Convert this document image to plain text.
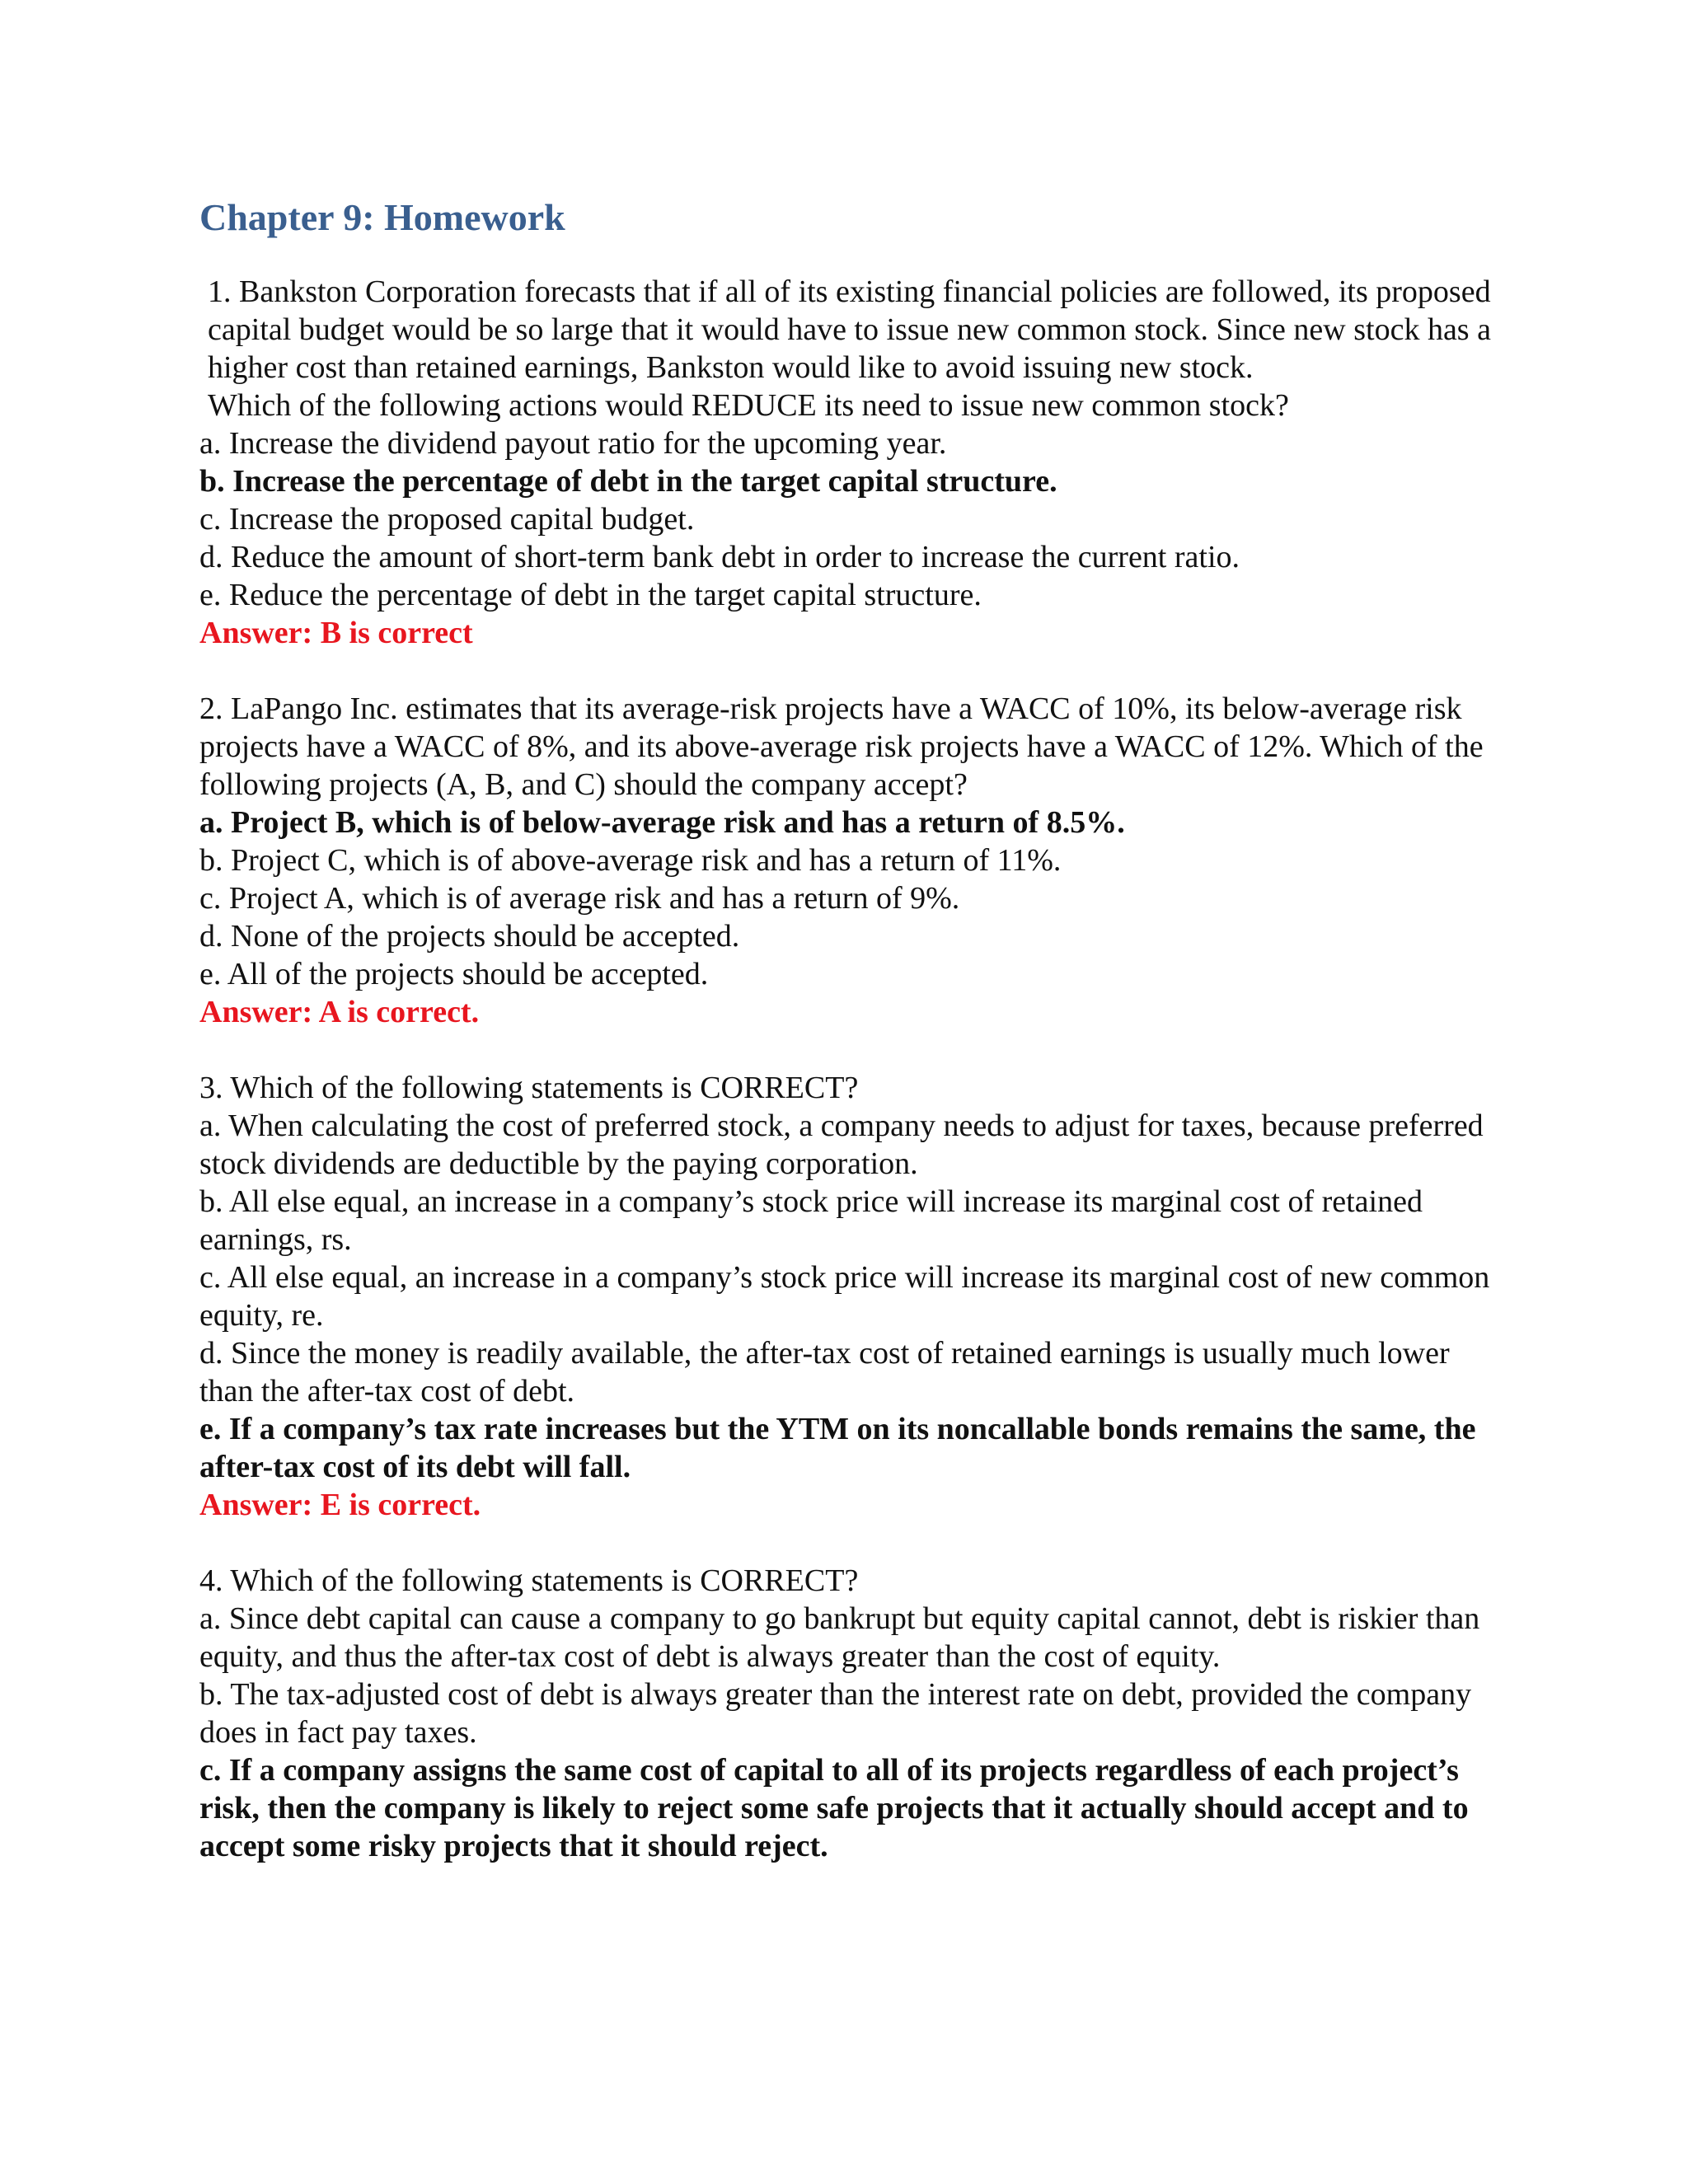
Chapter 9: Homework

1. Bankston Corporation forecasts that if all of its existing financial policies are followed, its proposed capital budget would be so large that it would have to issue new common stock. Since new stock has a higher cost than retained earnings, Bankston would like to avoid issuing new stock.

Which of the following actions would REDUCE its need to issue new common stock?

a. Increase the dividend payout ratio for the upcoming year.

b. Increase the percentage of debt in the target capital structure.

c. Increase the proposed capital budget.

d. Reduce the amount of short-term bank debt in order to increase the current ratio.

e. Reduce the percentage of debt in the target capital structure.

Answer: B is correct

2. LaPango Inc. estimates that its average-risk projects have a WACC of 10%, its below-average risk projects have a WACC of 8%, and its above-average risk projects have a WACC of 12%. Which of the following projects (A, B, and C) should the company accept?

a. Project B, which is of below-average risk and has a return of 8.5%.

b. Project C, which is of above-average risk and has a return of 11%.

c. Project A, which is of average risk and has a return of 9%.

d. None of the projects should be accepted.

e. All of the projects should be accepted.

Answer: A is correct.

3. Which of the following statements is CORRECT?

a. When calculating the cost of preferred stock, a company needs to adjust for taxes, because preferred stock dividends are deductible by the paying corporation.

b. All else equal, an increase in a company’s stock price will increase its marginal cost of retained earnings, rs.

c. All else equal, an increase in a company’s stock price will increase its marginal cost of new common equity, re.

d. Since the money is readily available, the after-tax cost of retained earnings is usually much lower than the after-tax cost of debt.

e. If a company’s tax rate increases but the YTM on its noncallable bonds remains the same, the after-tax cost of its debt will fall.

Answer: E is correct.

4. Which of the following statements is CORRECT?

a. Since debt capital can cause a company to go bankrupt but equity capital cannot, debt is riskier than equity, and thus the after-tax cost of debt is always greater than the cost of equity.

b. The tax-adjusted cost of debt is always greater than the interest rate on debt, provided the company does in fact pay taxes.

c. If a company assigns the same cost of capital to all of its projects regardless of each project’s risk, then the company is likely to reject some safe projects that it actually should accept and to accept some risky projects that it should reject.
